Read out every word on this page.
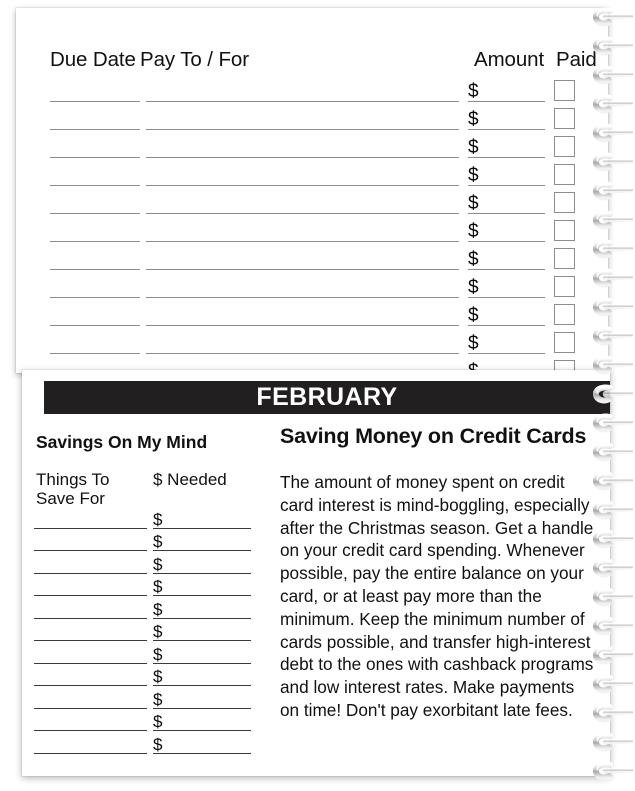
Due Date Pay To / For	Amount Paid
$
$
$
$
$
$
$
$
$
$
FEBRUARY
Savings On My Mind
Things To
Save For
$ Needed
$
$
$
$
$
$
$
$
$
$
$
Saving Money on Credit Cards

The amount of money spent on credit card interest is mind-boggling, especially after the Christmas season. Get a handle on your credit card spending. Whenever possible, pay the entire balance on your card, or at least pay more than the minimum. Keep the minimum number of cards possible, and transfer high-interest debt to the ones with cashback programs and low interest rates. Make payments on time! Don't pay exorbitant late fees.
